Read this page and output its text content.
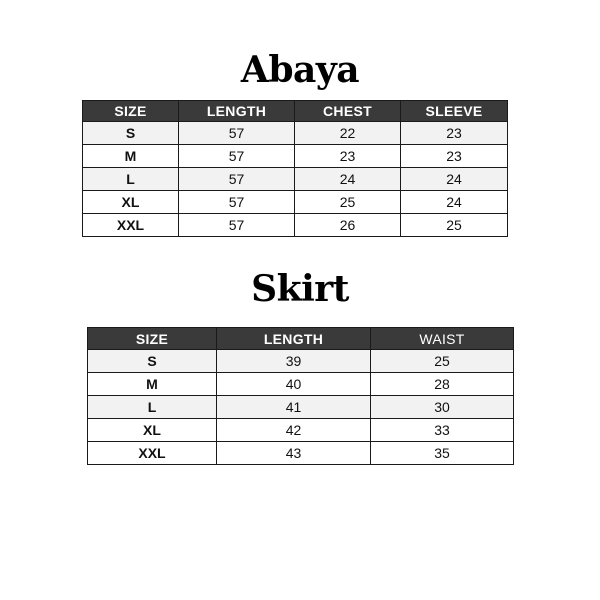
Abaya
SIZE	LENGTH	CHEST	SLEEVE
S	57	22	23
M	57	23	23
L	57	24	24
XL	57	25	24
XXL	57	26	25
Skirt
SIZE	LENGTH	WAIST
S	39	25
M	40	28
L	41	30
XL	42	33
XXL	43	35
